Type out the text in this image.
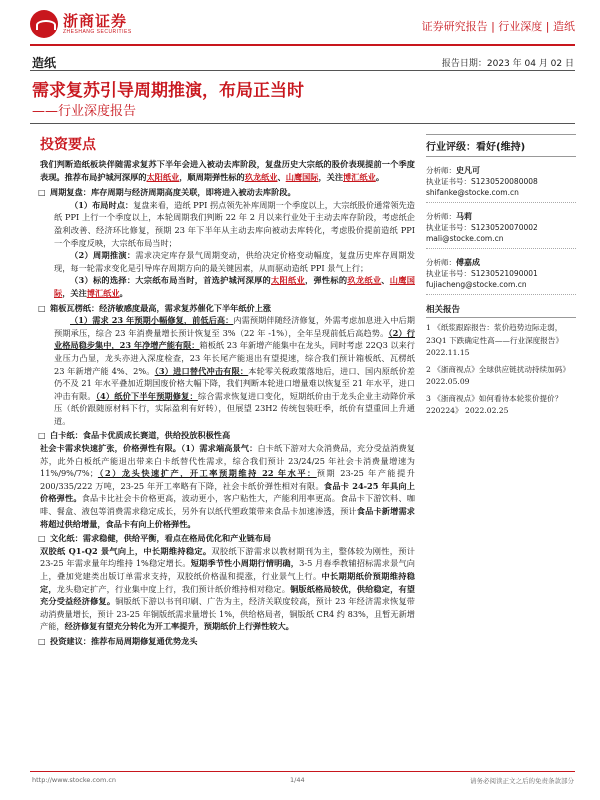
浙商证券
ZHESHANG SECURITIES	证券研究报告 | 行业深度 | 造纸
造纸	报告日期：2023 年 04 月 02 日
需求复苏引导周期推演，布局正当时
——行业深度报告
投资要点
我们判断造纸板块伴随需求复苏下半年会进入被动去库阶段，复盘历史大宗纸的股价表现提前一个季度表现。推荐布局护城河深厚的太阳纸业，顺周期弹性标的玖龙纸业、山鹰国际，关注博汇纸业。
□ 周期复盘：库存周期与经济周期高度关联，即将进入被动去库阶段。
（1）布局时点：复盘来看，造纸 PPI 拐点领先补库周期一个季度以上，大宗纸股价通常领先造纸 PPI 上行一个季度以上，本轮周期我们判断 22 年 2 月以来行业处于主动去库存阶段，考虑纸企盈利改善、经济环比修复，预期 23 年下半年从主动去库向被动去库转化，考虑股价提前造纸 PPI 一个季度反映，大宗纸布局当时；
（2）周期推演：需求决定库存景气周期变动，供给决定价格变动幅度，复盘历史库存周期发现，每一轮需求变化是引导库存周期方向的最关键因素，从而驱动造纸 PPI 景气上行；
（3）标的选择：大宗纸布局当时，首选护城河深厚的太阳纸业，弹性标的玖龙纸业、山鹰国际，关注博汇纸业。
□ 箱板瓦楞纸：经济敏感度最高，需求复苏催化下半年纸价上涨
（1）需求 23 年预期小幅修复，前低后高：内需预期伴随经济修复，外需考虑加息进入中后期预期承压，综合 23 年消费量增长预计恢复至 3%（22 年 -1%），全年呈现前低后高趋势。（2）行业格局稳步集中，23 年净增产能有限：箱板纸 23 年新增产能集中在龙头，同时考虑 22Q3 以来行业压力凸显，龙头亦进入深度检查，23 年长尾产能退出有望提速，综合我们预计箱板纸、瓦楞纸 23 年新增产能 4%、2%。（3）进口替代冲击有限：本轮零关税政策落地后，进口、国内原纸价差仍不及 21 年水平叠加近期国废价格大幅下降，我们判断本轮进口增量难以恢复至 21 年水平，进口冲击有限。（4）纸价下半年预期修复：综合需求恢复进口变化，短期纸价由于龙头企业主动降价承压（纸价跟随原材料下行，实际盈利有好转），但展望 23H2 传统包装旺季，纸价有望重回上升通道。
□ 白卡纸：食品卡优质成长赛道，供给投放积极性高
社会卡需求快速扩张，价格弹性有限。（1）需求端高景气：白卡纸下游对大众消费品，充分受益消费复苏，此外白板纸产能退出带来白卡纸替代性需求，综合我们预计 23/24/25 年社会卡消费量增速为 11%/9%/7%；（2）龙头快速扩产，开工率预期维持 22 年水平：预期 23-25 年产能提升 200/335/222 万吨，23-25 年开工率略有下降，社会卡纸价弹性相对有限。食品卡 24-25 年具向上价格弹性。食品卡比社会卡价格更高，波动更小，客户粘性大，产能利用率更高。食品卡下游饮料、咖啡、餐盒、液包等消费需求稳定成长，另外有以纸代塑政策带来食品卡加速渗透，预计食品卡新增需求将超过供给增量，食品卡有向上价格弹性。
□ 文化纸：需求稳健，供给平衡，看点在格局优化和产业链布局
双胶纸 Q1-Q2 景气向上，中长期维持稳定。双胶纸下游需求以教材期刊为主，整体较为刚性，预计 23-25 年需求量年均维持 1%稳定增长。短期季节性小周期行情明确，3-5 月春季教辅招标需求景气向上，叠加党建类出版订单需求支持，双胶纸价格温和提涨，行业景气上行。中长期期纸价预期维持稳定，龙头稳定扩产，行业集中度上行，我们预计纸价维持相对稳定。铜版纸格局较优，供给稳定，有望充分受益经济修复。铜版纸下游以书刊印刷、广告为主，经济关联度较高，预计 23 年经济需求恢复带动消费量增长，预计 23-25 年铜版纸需求量增长 1%，供给格局者，铜版纸 CR4 约 83%，且暂无新增产能，经济修复有望充分转化为开工率提升，预期纸价上行弹性较大。
□ 投资建议：推荐布局周期修复通优势龙头
行业评级：看好(维持)
分析师：史凡可
执业证书号：S1230520080008
shifanke@stocke.com.cn
分析师：马莉
执业证书号：S1230520070002
mali@stocke.com.cn
分析师：傅嘉成
执业证书号：S1230521090001
fujiacheng@stocke.com.cn
相关报告
1 《纸浆跟踪报告：浆价趋势边际走弱，23Q1 下跌确定性高——行业深度报告》 2022.11.15
2 《浙商视点》全球供应链扰动持续加码》 2022.05.09
3 《浙商视点》如何看待本轮浆价提价？220224》 2022.02.25
http://www.stocke.com.cn	1/44	请务必阅读正文之后的免责条款部分
